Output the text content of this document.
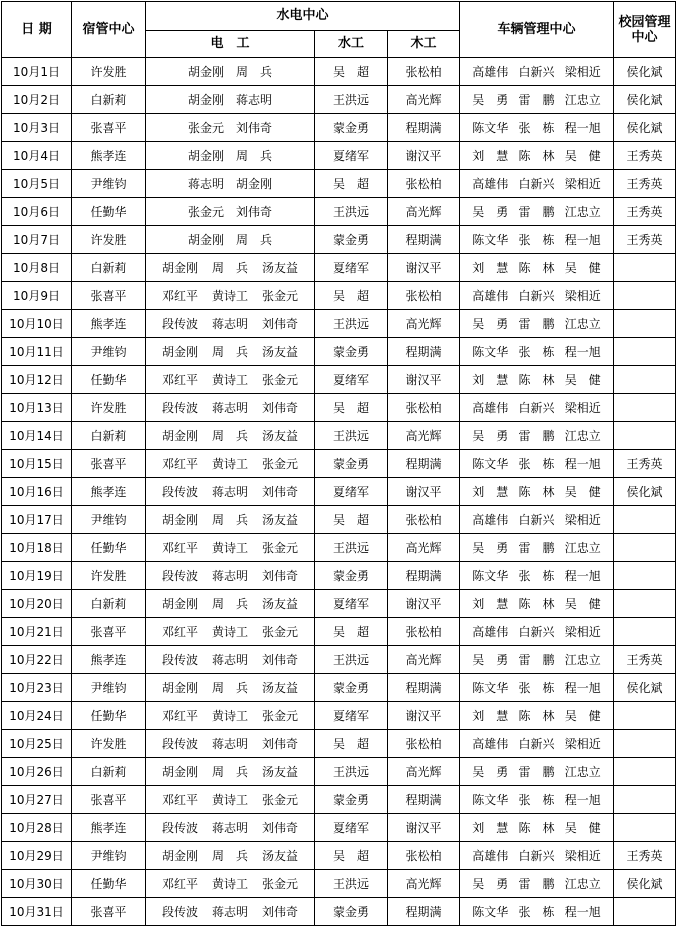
日 期	宿管中心	水电中心			车辆管理中心	校园管理中心
		电　工	水工	木工		
10月1日	许发胜	胡金刚 周　兵	吴　超	张松柏	高雄伟 白新兴 梁相近	侯化斌
10月2日	白新莉	胡金刚 蒋志明	王洪远	高光辉	吴　勇 雷　鹏 江忠立	侯化斌
10月3日	张喜平	张金元 刘伟奇	蒙金勇	程期满	陈文华 张　栋 程一旭	侯化斌
10月4日	熊孝连	胡金刚 周　兵	夏绪军	谢汉平	刘　慧 陈　林 吴　健	王秀英
10月5日	尹维钧	蒋志明 胡金刚	吴　超	张松柏	高雄伟 白新兴 梁相近	王秀英
10月6日	任勤华	张金元 刘伟奇	王洪远	高光辉	吴　勇 雷　鹏 江忠立	王秀英
10月7日	许发胜	胡金刚 周　兵	蒙金勇	程期满	陈文华 张　栋 程一旭	王秀英
10月8日	白新莉	胡金刚 周　兵 汤友益	夏绪军	谢汉平	刘　慧 陈　林 吴　健	

10月9日	张喜平	邓红平 黄诗工 张金元	吴　超	张松柏	高雄伟 白新兴 梁相近	

10月10日	熊孝连	段传波 蒋志明 刘伟奇	王洪远	高光辉	吴　勇 雷　鹏 江忠立	

10月11日	尹维钧	胡金刚 周　兵 汤友益	蒙金勇	程期满	陈文华 张　栋 程一旭	

10月12日	任勤华	邓红平 黄诗工 张金元	夏绪军	谢汉平	刘　慧 陈　林 吴　健	

10月13日	许发胜	段传波 蒋志明 刘伟奇	吴　超	张松柏	高雄伟 白新兴 梁相近	

10月14日	白新莉	胡金刚 周　兵 汤友益	王洪远	高光辉	吴　勇 雷　鹏 江忠立	

10月15日	张喜平	邓红平 黄诗工 张金元	蒙金勇	程期满	陈文华 张　栋 程一旭	王秀英
10月16日	熊孝连	段传波 蒋志明 刘伟奇	夏绪军	谢汉平	刘　慧 陈　林 吴　健	侯化斌
10月17日	尹维钧	胡金刚 周　兵 汤友益	吴　超	张松柏	高雄伟 白新兴 梁相近	

10月18日	任勤华	邓红平 黄诗工 张金元	王洪远	高光辉	吴　勇 雷　鹏 江忠立	

10月19日	许发胜	段传波 蒋志明 刘伟奇	蒙金勇	程期满	陈文华 张　栋 程一旭	

10月20日	白新莉	胡金刚 周　兵 汤友益	夏绪军	谢汉平	刘　慧 陈　林 吴　健	

10月21日	张喜平	邓红平 黄诗工 张金元	吴　超	张松柏	高雄伟 白新兴 梁相近	

10月22日	熊孝连	段传波 蒋志明 刘伟奇	王洪远	高光辉	吴　勇 雷　鹏 江忠立	王秀英
10月23日	尹维钧	胡金刚 周　兵 汤友益	蒙金勇	程期满	陈文华 张　栋 程一旭	侯化斌
10月24日	任勤华	邓红平 黄诗工 张金元	夏绪军	谢汉平	刘　慧 陈　林 吴　健	

10月25日	许发胜	段传波 蒋志明 刘伟奇	吴　超	张松柏	高雄伟 白新兴 梁相近	

10月26日	白新莉	胡金刚 周　兵 汤友益	王洪远	高光辉	吴　勇 雷　鹏 江忠立	

10月27日	张喜平	邓红平 黄诗工 张金元	蒙金勇	程期满	陈文华 张　栋 程一旭	

10月28日	熊孝连	段传波 蒋志明 刘伟奇	夏绪军	谢汉平	刘　慧 陈　林 吴　健	

10月29日	尹维钧	胡金刚 周　兵 汤友益	吴　超	张松柏	高雄伟 白新兴 梁相近	王秀英
10月30日	任勤华	邓红平 黄诗工 张金元	王洪远	高光辉	吴　勇 雷　鹏 江忠立	侯化斌
10月31日	张喜平	段传波 蒋志明 刘伟奇	蒙金勇	程期满	陈文华 张　栋 程一旭	
